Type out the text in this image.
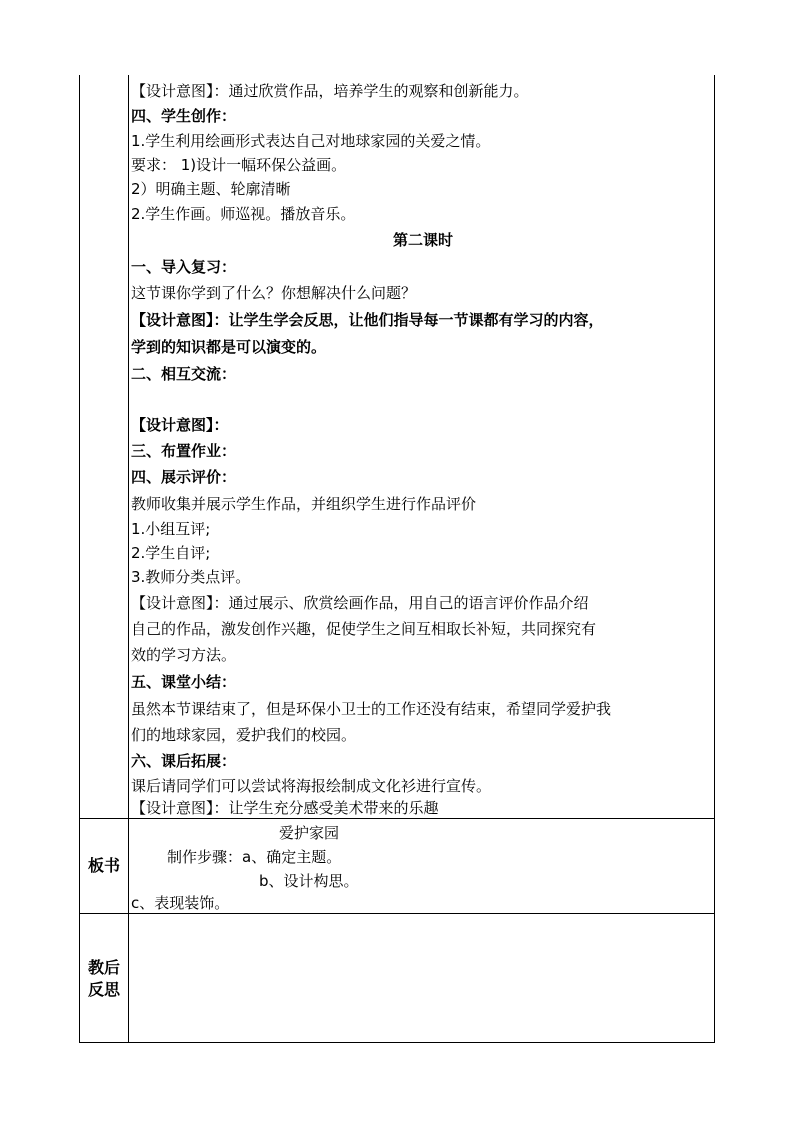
【设计意图】：通过欣赏作品，培养学生的观察和创新能力。
四、学生创作：
1.学生利用绘画形式表达自己对地球家园的关爱之情。
要求： 1)设计一幅环保公益画。
2）明确主题、轮廓清晰
2.学生作画。师巡视。播放音乐。
第二课时
一、导入复习：
这节课你学到了什么？你想解决什么问题？
【设计意图】：让学生学会反思，让他们指导每一节课都有学习的内容，
学到的知识都是可以演变的。
二、相互交流：
【设计意图】：
三、布置作业：
四、展示评价：
教师收集并展示学生作品，并组织学生进行作品评价
1.小组互评;
2.学生自评;
3.教师分类点评。
【设计意图】：通过展示、欣赏绘画作品，用自己的语言评价作品介绍
自己的作品，激发创作兴趣，促使学生之间互相取长补短，共同探究有
效的学习方法。
五、课堂小结：
虽然本节课结束了，但是环保小卫士的工作还没有结束，希望同学爱护我
们的地球家园，爱护我们的校园。
六、课后拓展：
课后请同学们可以尝试将海报绘制成文化衫进行宣传。
【设计意图】：让学生充分感受美术带来的乐趣
板书
爱护家园
制作步骤：a、确定主题。
b、设计构思。
c、表现装饰。
教后
反思
